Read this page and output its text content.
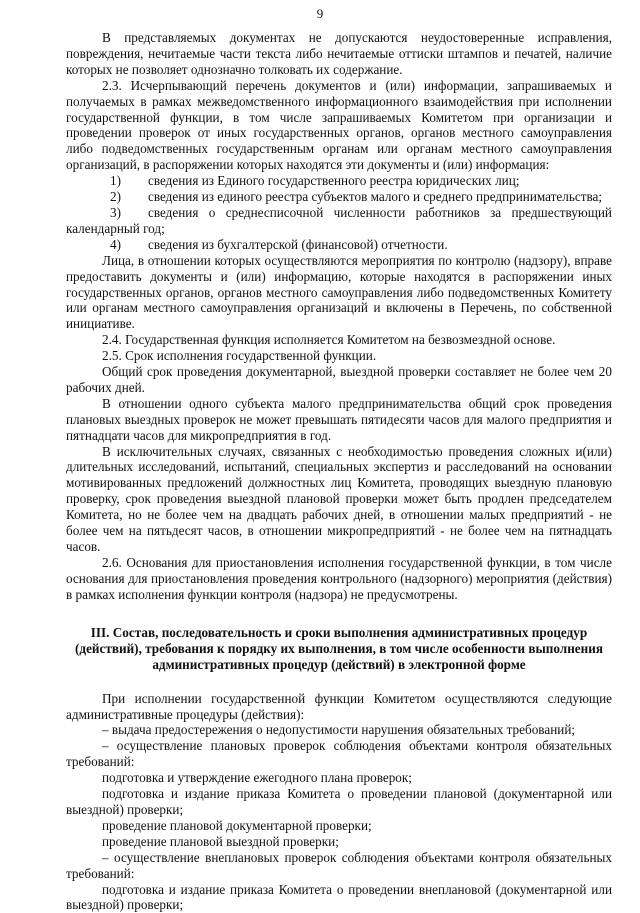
9

В представляемых документах не допускаются неудостоверенные исправления, повреждения, нечитаемые части текста либо нечитаемые оттиски штампов и печатей, наличие которых не позволяет однозначно толковать их содержание.

2.3. Исчерпывающий перечень документов и (или) информации, запрашиваемых и получаемых в рамках межведомственного информационного взаимодействия при исполнении государственной функции, в том числе запрашиваемых Комитетом при организации и проведении проверок от иных государственных органов, органов местного самоуправления либо подведомственных государственным органам или органам местного самоуправления организаций, в распоряжении которых находятся эти документы и (или) информация:

1)	сведения из Единого государственного реестра юридических лиц;
2)	сведения из единого реестра субъектов малого и среднего предпринимательства;

3) сведения о среднесписочной численности работников за предшествующий календарный год;

4)	сведения из бухгалтерской (финансовой) отчетности.

Лица, в отношении которых осуществляются мероприятия по контролю (надзору), вправе предоставить документы и (или) информацию, которые находятся в распоряжении иных государственных органов, органов местного самоуправления либо подведомственных Комитету или органам местного самоуправления организаций и включены в Перечень, по собственной инициативе.

2.4. Государственная функция исполняется Комитетом на безвозмездной основе.

2.5. Срок исполнения государственной функции.

Общий срок проведения документарной, выездной проверки составляет не более чем 20 рабочих дней.

В отношении одного субъекта малого предпринимательства общий срок проведения плановых выездных проверок не может превышать пятидесяти часов для малого предприятия и пятнадцати часов для микропредприятия в год.

В исключительных случаях, связанных с необходимостью проведения сложных и(или) длительных исследований, испытаний, специальных экспертиз и расследований на основании мотивированных предложений должностных лиц Комитета, проводящих выездную плановую проверку, срок проведения выездной плановой проверки может быть продлен председателем Комитета, но не более чем на двадцать рабочих дней, в отношении малых предприятий - не более чем на пятьдесят часов, в отношении микропредприятий - не более чем на пятнадцать часов.

2.6. Основания для приостановления исполнения государственной функции, в том числе основания для приостановления проведения контрольного (надзорного) мероприятия (действия) в рамках исполнения функции контроля (надзора) не предусмотрены.

III. Состав, последовательность и сроки выполнения административных процедур (действий), требования к порядку их выполнения, в том числе особенности выполнения административных процедур (действий) в электронной форме

При исполнении государственной функции Комитетом осуществляются следующие административные процедуры (действия):

– выдача предостережения о недопустимости нарушения обязательных требований;

– осуществление плановых проверок соблюдения объектами контроля обязательных требований:

подготовка и утверждение ежегодного плана проверок;

подготовка и издание приказа Комитета о проведении плановой (документарной или выездной) проверки;

проведение плановой документарной проверки;

проведение плановой выездной проверки;

– осуществление внеплановых проверок соблюдения объектами контроля обязательных требований:

подготовка и издание приказа Комитета о проведении внеплановой (документарной или выездной) проверки;
